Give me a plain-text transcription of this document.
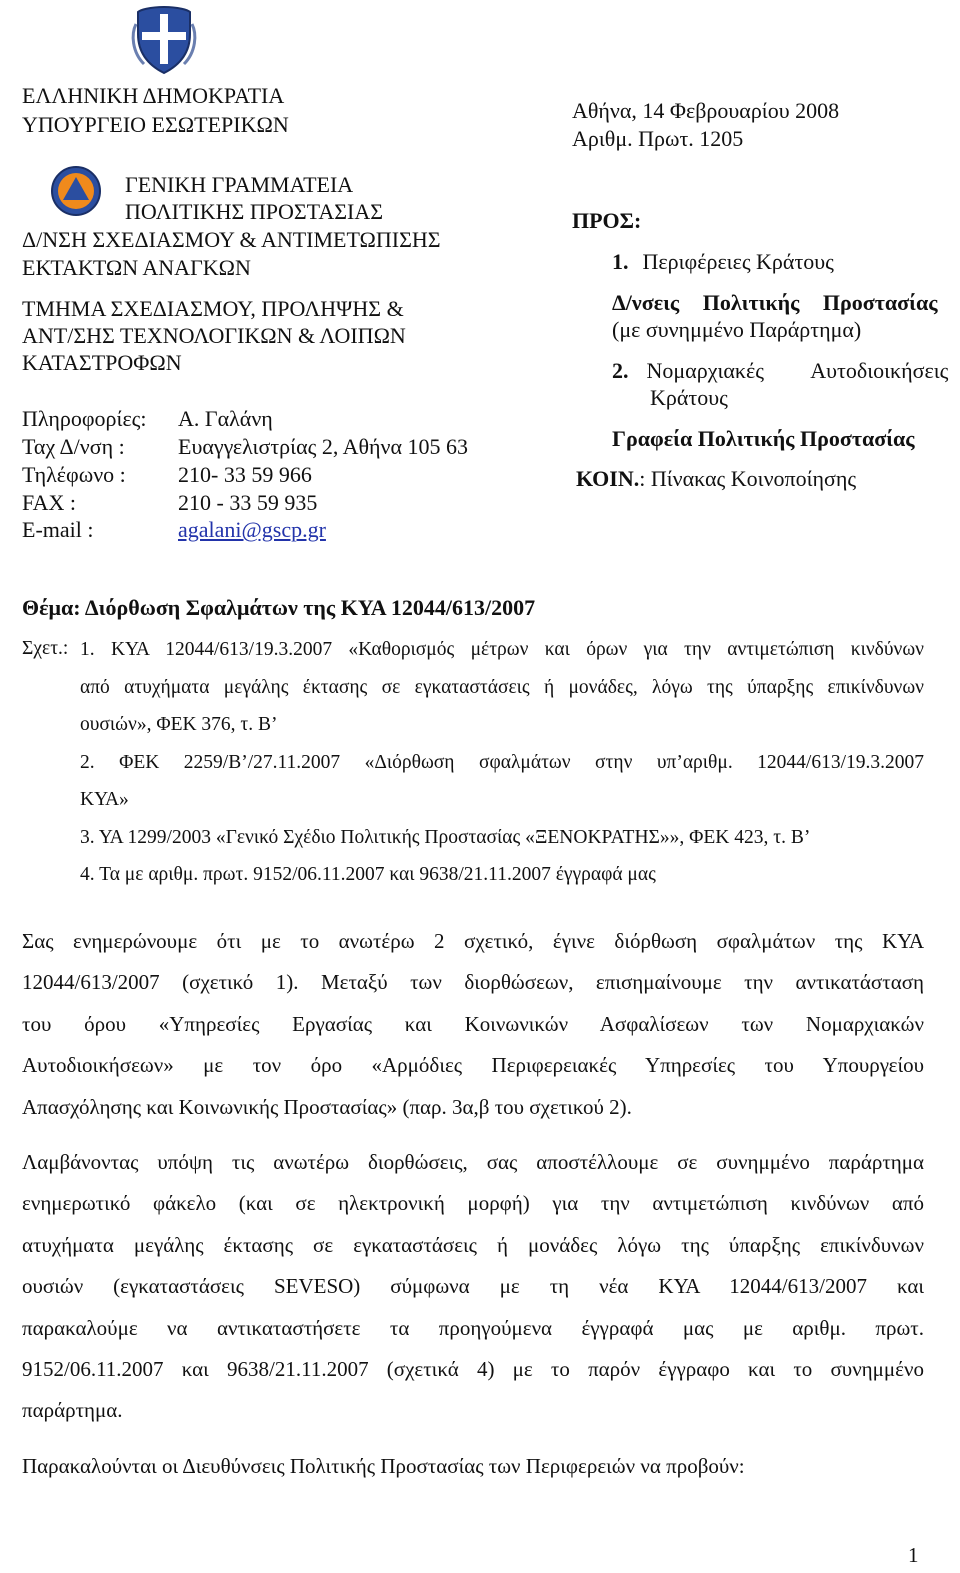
ΕΛΛΗΝΙΚΗ ΔΗΜΟΚΡΑΤΙΑ
ΥΠΟΥΡΓΕΙΟ ΕΣΩΤΕΡΙΚΩΝ
ΓΕΝΙΚΗ ΓΡΑΜΜΑΤΕΙΑ
ΠΟΛΙΤΙΚΗΣ ΠΡΟΣΤΑΣΙΑΣ
Δ/ΝΣΗ ΣΧΕΔΙΑΣΜΟΥ & ΑΝΤΙΜΕΤΩΠΙΣΗΣ
ΕΚΤΑΚΤΩΝ ΑΝΑΓΚΩΝ
ΤΜΗΜΑ ΣΧΕΔΙΑΣΜΟΥ, ΠΡΟΛΗΨΗΣ &
ΑΝΤ/ΣΗΣ ΤΕΧΝΟΛΟΓΙΚΩΝ & ΛΟΙΠΩΝ
ΚΑΤΑΣΤΡΟΦΩΝ
Πληροφορίες: Α. Γαλάνη
Ταχ Δ/νση : Ευαγγελιστρίας 2, Αθήνα 105 63
Τηλέφωνο : 210- 33 59 966
FAX :	210 - 33 59 935
E-mail :	agalani@gscp.gr
Αθήνα, 14 Φεβρουαρίου 2008
Αριθμ. Πρωτ. 1205
ΠΡΟΣ:
1. Περιφέρειες Κράτους
Δ/νσεις Πολιτικής Προστασίας
(με συνημμένο Παράρτημα)
2. Νομαρχιακές Αυτοδιοικήσεις
Κράτους
Γραφεία Πολιτικής Προστασίας
ΚΟΙΝ.: Πίνακας Κοινοποίησης
Θέμα: Διόρθωση Σφαλμάτων της ΚΥΑ 12044/613/2007
Σχετ.: 1. ΚΥΑ 12044/613/19.3.2007 «Καθορισμός μέτρων και όρων για την αντιμετώπιση κινδύνων
από ατυχήματα μεγάλης έκτασης σε εγκαταστάσεις ή μονάδες, λόγω της ύπαρξης επικίνδυνων
ουσιών», ΦΕΚ 376, τ. Β’
2. ΦΕΚ 2259/Β’/27.11.2007 «Διόρθωση σφαλμάτων στην υπ’αριθμ. 12044/613/19.3.2007
ΚΥΑ»
3. ΥΑ 1299/2003 «Γενικό Σχέδιο Πολιτικής Προστασίας «ΞΕΝΟΚΡΑΤΗΣ»», ΦΕΚ 423, τ. Β’
4. Τα με αριθμ. πρωτ. 9152/06.11.2007 και 9638/21.11.2007 έγγραφά μας
Σας ενημερώνουμε ότι με το ανωτέρω 2 σχετικό, έγινε διόρθωση σφαλμάτων της ΚΥΑ
12044/613/2007 (σχετικό 1). Μεταξύ των διορθώσεων, επισημαίνουμε την αντικατάσταση
του όρου «Υπηρεσίες Εργασίας και Κοινωνικών Ασφαλίσεων των Νομαρχιακών
Αυτοδιοικήσεων» με τον όρο «Αρμόδιες Περιφερειακές Υπηρεσίες του Υπουργείου
Απασχόλησης και Κοινωνικής Προστασίας» (παρ. 3α,β του σχετικού 2).
Λαμβάνοντας υπόψη τις ανωτέρω διορθώσεις, σας αποστέλλουμε σε συνημμένο παράρτημα
ενημερωτικό φάκελο (και σε ηλεκτρονική μορφή) για την αντιμετώπιση κινδύνων από
ατυχήματα μεγάλης έκτασης σε εγκαταστάσεις ή μονάδες λόγω της ύπαρξης επικίνδυνων
ουσιών (εγκαταστάσεις SEVESO) σύμφωνα με τη νέα ΚΥΑ 12044/613/2007 και
παρακαλούμε να αντικαταστήσετε τα προηγούμενα έγγραφά μας με αριθμ. πρωτ.
9152/06.11.2007 και 9638/21.11.2007 (σχετικά 4) με το παρόν έγγραφο και το συνημμένο
παράρτημα.
Παρακαλούνται οι Διευθύνσεις Πολιτικής Προστασίας των Περιφερειών να προβούν:
1
